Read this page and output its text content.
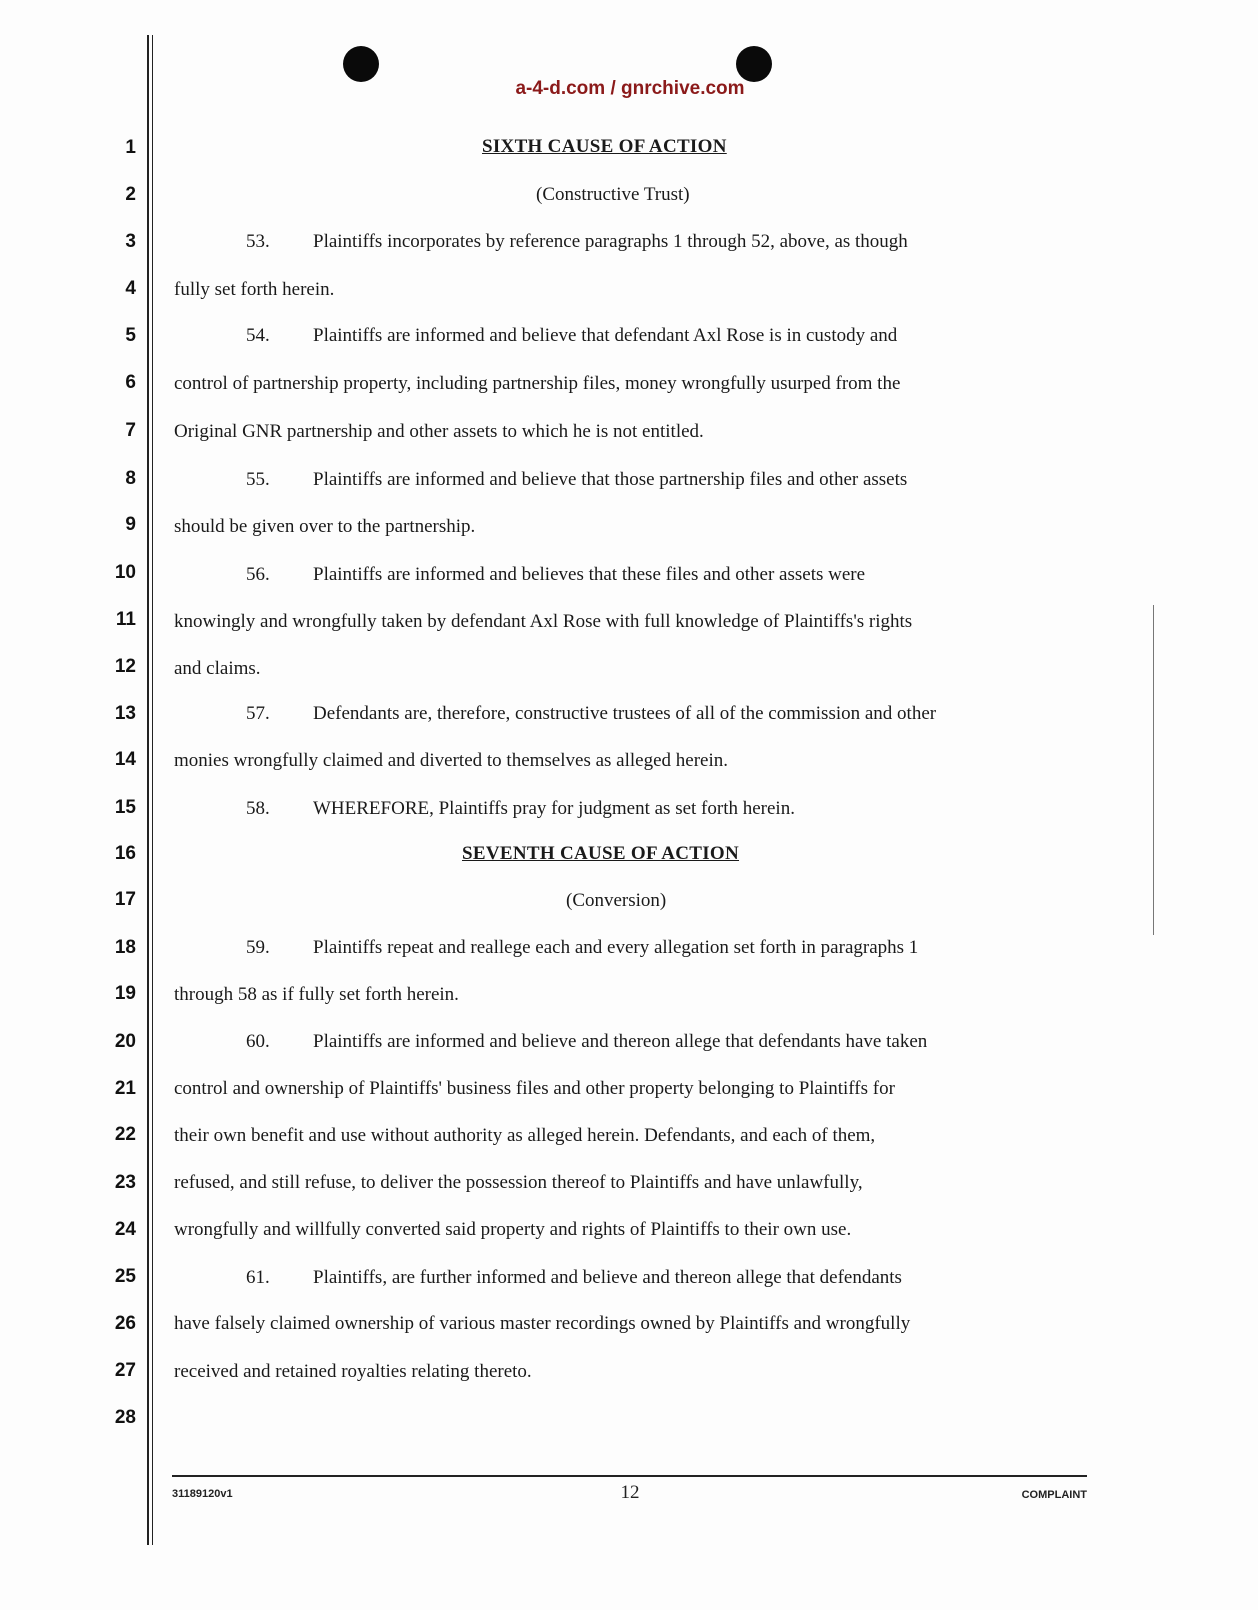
a-4-d.com / gnrchive.com
1
2
3
4
5
6
7
8
9
10
11
12
13
14
15
16
17
18
19
20
21
22
23
24
25
26
27
28
SIXTH CAUSE OF ACTION
(Constructive Trust)
53. Plaintiffs incorporates by reference paragraphs 1 through 52, above, as though
fully set forth herein.
54. Plaintiffs are informed and believe that defendant Axl Rose is in custody and
control of partnership property, including partnership files, money wrongfully usurped from the
Original GNR partnership and other assets to which he is not entitled.
55. Plaintiffs are informed and believe that those partnership files and other assets
should be given over to the partnership.
56. Plaintiffs are informed and believes that these files and other assets were
knowingly and wrongfully taken by defendant Axl Rose with full knowledge of Plaintiffs's rights
and claims.
57. Defendants are, therefore, constructive trustees of all of the commission and other
monies wrongfully claimed and diverted to themselves as alleged herein.
58. WHEREFORE, Plaintiffs pray for judgment as set forth herein.
SEVENTH CAUSE OF ACTION
(Conversion)
59. Plaintiffs repeat and reallege each and every allegation set forth in paragraphs 1
through 58 as if fully set forth herein.
60. Plaintiffs are informed and believe and thereon allege that defendants have taken
control and ownership of Plaintiffs' business files and other property belonging to Plaintiffs for
their own benefit and use without authority as alleged herein. Defendants, and each of them,
refused, and still refuse, to deliver the possession thereof to Plaintiffs and have unlawfully,
wrongfully and willfully converted said property and rights of Plaintiffs to their own use.
61. Plaintiffs, are further informed and believe and thereon allege that defendants
have falsely claimed ownership of various master recordings owned by Plaintiffs and wrongfully
received and retained royalties relating thereto.
31189120v1	12	COMPLAINT
